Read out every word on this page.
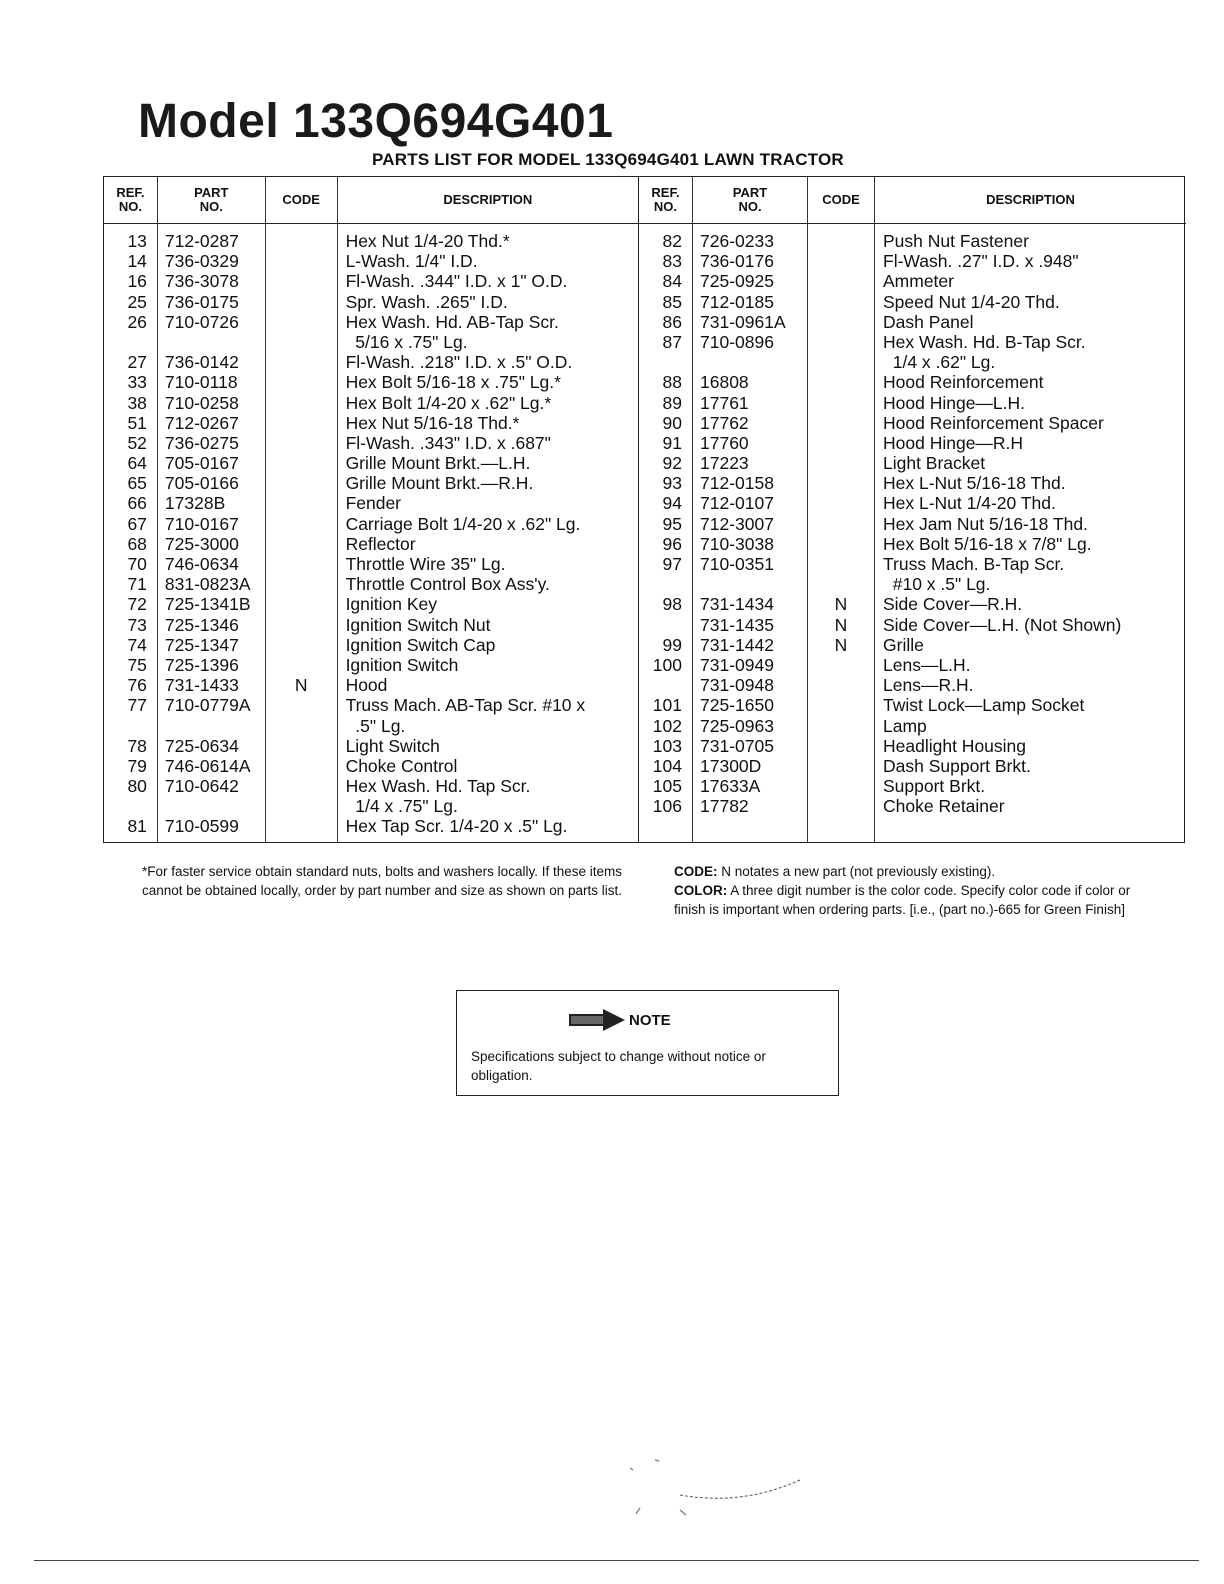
Model 133Q694G401

PARTS LIST FOR MODEL 133Q694G401 LAWN TRACTOR

REF.
NO.
13
14
16
25
26
27
33
38
51
52
64
65
66
67
68
70
71
72
73
74
75
76
77
78
79
80
81
PART
NO.
712-0287
736-0329
736-3078
736-0175
710-0726
736-0142
710-0118
710-0258
712-0267
736-0275
705-0167
705-0166
17328B
710-0167
725-3000
746-0634
831-0823A
725-1341B
725-1346
725-1347
725-1396
731-1433
710-0779A
725-0634
746-0614A
710-0642
710-0599
CODE
N
DESCRIPTION
Hex Nut 1/4-20 Thd.*
L-Wash. 1/4" I.D.
Fl-Wash. .344" I.D. x 1" O.D.
Spr. Wash. .265" I.D.
Hex Wash. Hd. AB-Tap Scr.
5/16 x .75" Lg.
Fl-Wash. .218" I.D. x .5" O.D.
Hex Bolt 5/16-18 x .75" Lg.*
Hex Bolt 1/4-20 x .62" Lg.*
Hex Nut 5/16-18 Thd.*
Fl-Wash. .343" I.D. x .687"
Grille Mount Brkt.—L.H.
Grille Mount Brkt.—R.H.
Fender
Carriage Bolt 1/4-20 x .62" Lg.
Reflector
Throttle Wire 35" Lg.
Throttle Control Box Ass'y.
Ignition Key
Ignition Switch Nut
Ignition Switch Cap
Ignition Switch
Hood
Truss Mach. AB-Tap Scr. #10 x
.5" Lg.
Light Switch
Choke Control
Hex Wash. Hd. Tap Scr.
1/4 x .75" Lg.
Hex Tap Scr. 1/4-20 x .5" Lg.
REF.
NO.
82
83
84
85
86
87
88
89
90
91
92
93
94
95
96
97
98
99
100
101
102
103
104
105
106
PART
NO.
726-0233
736-0176
725-0925
712-0185
731-0961A
710-0896
16808
17761
17762
17760
17223
712-0158
712-0107
712-3007
710-3038
710-0351
731-1434
731-1435
731-1442
731-0949
731-0948
725-1650
725-0963
731-0705
17300D
17633A
17782
CODE
N
N
N
DESCRIPTION
Push Nut Fastener
Fl-Wash. .27" I.D. x .948"
Ammeter
Speed Nut 1/4-20 Thd.
Dash Panel
Hex Wash. Hd. B-Tap Scr.
1/4 x .62" Lg.
Hood Reinforcement
Hood Hinge—L.H.
Hood Reinforcement Spacer
Hood Hinge—R.H
Light Bracket
Hex L-Nut 5/16-18 Thd.
Hex L-Nut 1/4-20 Thd.
Hex Jam Nut 5/16-18 Thd.
Hex Bolt 5/16-18 x 7/8" Lg.
Truss Mach. B-Tap Scr.
#10 x .5" Lg.
Side Cover—R.H.
Side Cover—L.H. (Not Shown)
Grille
Lens—L.H.
Lens—R.H.
Twist Lock—Lamp Socket
Lamp
Headlight Housing
Dash Support Brkt.
Support Brkt.
Choke Retainer

*For faster service obtain standard nuts, bolts and washers locally. If these items cannot be obtained locally, order by part number and size as shown on parts list.

CODE: N notates a new part (not previously existing).
COLOR: A three digit number is the color code. Specify color code if color or finish is important when ordering parts. [i.e., (part no.)-665 for Green Finish]

NOTE

Specifications subject to change without notice or obligation.
